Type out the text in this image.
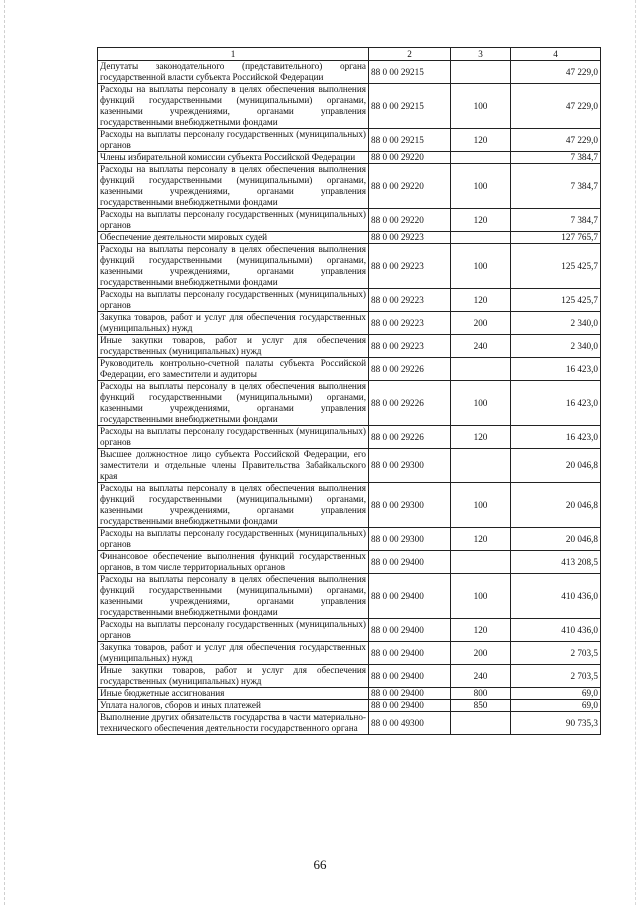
1	2	3	4
Депутаты законодательного (представительного) органа государственной власти субъекта Российской Федерации	88 0 00 29215		47 229,0
Расходы на выплаты персоналу в целях обеспечения выполнения функций государственными (муниципальными) органами, казенными учреждениями, органами управления государственными внебюджетными фондами	88 0 00 29215	100	47 229,0
Расходы на выплаты персоналу государственных (муниципальных) органов	88 0 00 29215	120	47 229,0
Члены избирательной комиссии субъекта Российской Федерации	88 0 00 29220		7 384,7
Расходы на выплаты персоналу в целях обеспечения выполнения функций государственными (муниципальными) органами, казенными учреждениями, органами управления государственными внебюджетными фондами	88 0 00 29220	100	7 384,7
Расходы на выплаты персоналу государственных (муниципальных) органов	88 0 00 29220	120	7 384,7
Обеспечение деятельности мировых судей	88 0 00 29223		127 765,7
Расходы на выплаты персоналу в целях обеспечения выполнения функций государственными (муниципальными) органами, казенными учреждениями, органами управления государственными внебюджетными фондами	88 0 00 29223	100	125 425,7
Расходы на выплаты персоналу государственных (муниципальных) органов	88 0 00 29223	120	125 425,7
Закупка товаров, работ и услуг для обеспечения государственных (муниципальных) нужд	88 0 00 29223	200	2 340,0
Иные закупки товаров, работ и услуг для обеспечения государственных (муниципальных) нужд	88 0 00 29223	240	2 340,0
Руководитель контрольно-счетной палаты субъекта Российской Федерации, его заместители и аудиторы	88 0 00 29226		16 423,0
Расходы на выплаты персоналу в целях обеспечения выполнения функций государственными (муниципальными) органами, казенными учреждениями, органами управления государственными внебюджетными фондами	88 0 00 29226	100	16 423,0
Расходы на выплаты персоналу государственных (муниципальных) органов	88 0 00 29226	120	16 423,0
Высшее должностное лицо субъекта Российской Федерации, его заместители и отдельные члены Правительства Забайкальского края	88 0 00 29300		20 046,8
Расходы на выплаты персоналу в целях обеспечения выполнения функций государственными (муниципальными) органами, казенными учреждениями, органами управления государственными внебюджетными фондами	88 0 00 29300	100	20 046,8
Расходы на выплаты персоналу государственных (муниципальных) органов	88 0 00 29300	120	20 046,8
Финансовое обеспечение выполнения функций государственных органов, в том числе территориальных органов	88 0 00 29400		413 208,5
Расходы на выплаты персоналу в целях обеспечения выполнения функций государственными (муниципальными) органами, казенными учреждениями, органами управления государственными внебюджетными фондами	88 0 00 29400	100	410 436,0
Расходы на выплаты персоналу государственных (муниципальных) органов	88 0 00 29400	120	410 436,0
Закупка товаров, работ и услуг для обеспечения государственных (муниципальных) нужд	88 0 00 29400	200	2 703,5
Иные закупки товаров, работ и услуг для обеспечения государственных (муниципальных) нужд	88 0 00 29400	240	2 703,5
Иные бюджетные ассигнования	88 0 00 29400	800	69,0
Уплата налогов, сборов и иных платежей	88 0 00 29400	850	69,0
Выполнение других обязательств государства в части материально-технического обеспечения деятельности государственного органа	88 0 00 49300		90 735,3
66
